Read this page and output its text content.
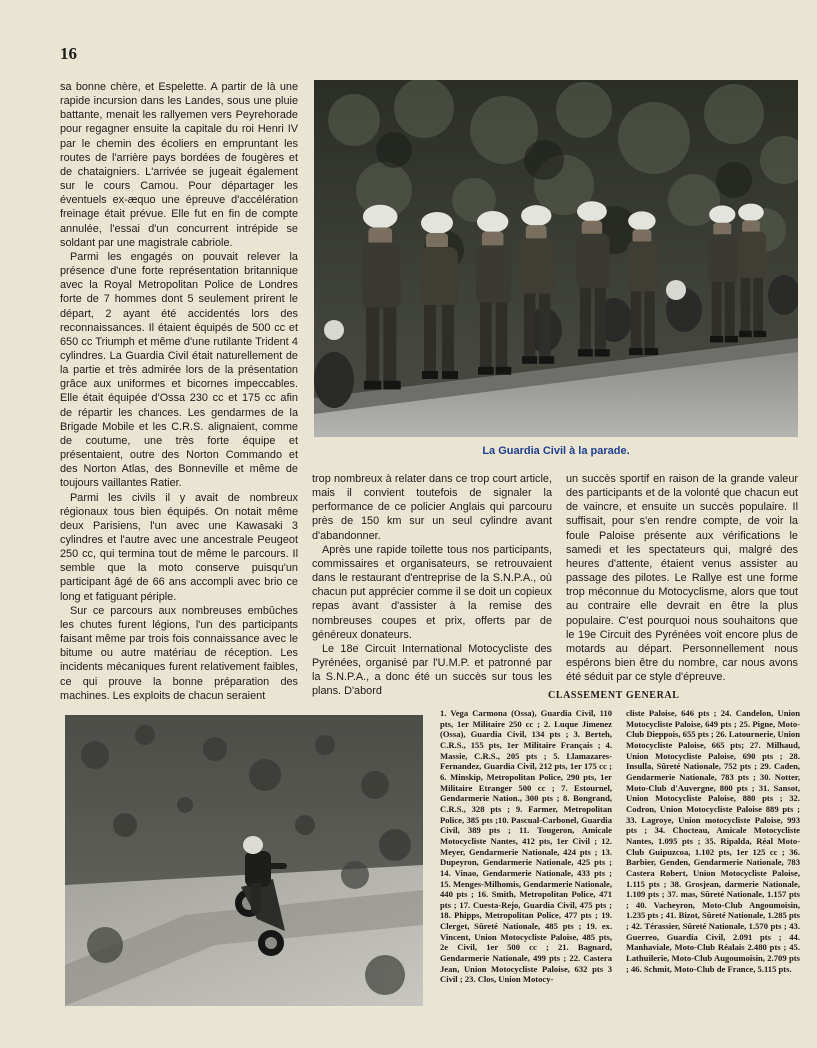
16

sa bonne chère, et Espelette. A partir de là une rapide incursion dans les Landes, sous une pluie battante, menait les rallyemen vers Peyrehorade pour regagner ensuite la capitale du roi Henri IV par le chemin des écoliers en empruntant les routes de l'arrière pays bordées de fougères et de chataigniers. L'arrivée se jugeait également sur le cours Camou. Pour départager les éventuels ex-æquo une épreuve d'accélération freinage était prévue. Elle fut en fin de compte annulée, l'essai d'un concurrent intrépide se soldant par une magistrale cabriole.

Parmi les engagés on pouvait relever la présence d'une forte représentation britannique avec la Royal Metropolitan Police de Londres forte de 7 hommes dont 5 seulement prirent le départ, 2 ayant été accidentés lors des reconnaissances. Il étaient équipés de 500 cc et 650 cc Triumph et même d'une rutilante Trident 4 cylindres. La Guardia Civil était naturellement de la partie et très admirée lors de la présentation grâce aux uniformes et bicornes impeccables. Elle était équipée d'Ossa 230 cc et 175 cc afin de répartir les chances. Les gendarmes de la Brigade Mobile et les C.R.S. alignaient, comme de coutume, une très forte équipe et présentaient, outre des Norton Commando et des Norton Atlas, des Bonneville et même de toujours vaillantes Ratier.

Parmi les civils il y avait de nombreux régionaux tous bien équipés. On notait même deux Parisiens, l'un avec une Kawasaki 3 cylindres et l'autre avec une ancestrale Peugeot 250 cc, qui termina tout de même le parcours. Il semble que la moto conserve puisqu'un participant âgé de 66 ans accompli avec brio ce long et fatiguant périple.

Sur ce parcours aux nombreuses embûches les chutes furent légions, l'un des participants faisant même par trois fois connaissance avec le bitume ou autre matériau de réception. Les incidents mécaniques furent relativement faibles, ce qui prouve la bonne préparation des machines. Les exploits de chacun seraient

La Guardia Civil à la parade.

trop nombreux à relater dans ce trop court article, mais il convient toutefois de signaler la performance de ce policier Anglais qui parcouru près de 150 km sur un seul cylindre avant d'abandonner.

Après une rapide toilette tous nos participants, commissaires et organisateurs, se retrouvaient dans le restaurant d'entreprise de la S.N.P.A., où chacun put apprécier comme il se doit un copieux repas avant d'assister à la remise des nombreuses coupes et prix, offerts par de généreux donateurs.

Le 18e Circuit International Motocycliste des Pyrénées, organisé par l'U.M.P. et patronné par la S.N.P.A., a donc été un succès sur tous les plans. D'abord

un succès sportif en raison de la grande valeur des participants et de la volonté que chacun eut de vaincre, et ensuite un succès populaire. Il suffisait, pour s'en rendre compte, de voir la foule Paloise présente aux vérifications le samedi et les spectateurs qui, malgré des heures d'attente, étaient venus assister au passage des pilotes. Le Rallye est une forme trop méconnue du Motocyclisme, alors que tout au contraire elle devrait en être la plus populaire. C'est pourquoi nous souhaitons que le 19e Circuit des Pyrénées voit encore plus de motards au départ. Personnellement nous espérons bien être du nombre, car nous avons été séduit par ce style d'épreuve.

CLASSEMENT GENERAL
1. Vega Carmona (Ossa), Guardia Civil, 110 pts, 1er Militaire 250 cc ; 2. Luque Jimenez (Ossa), Guardia Civil, 134 pts ; 3. Berteh, C.R.S., 155 pts, 1er Militaire Français ; 4. Massie, C.R.S., 205 pts ; 5. Llamazares-Fernandez, Guardia Civil, 212 pts, 1er 175 cc ; 6. Minskip, Metropolitan Police, 290 pts, 1er Militaire Etranger 500 cc ; 7. Estournel, Gendarmerie Nation., 300 pts ; 8. Bongrand, C.R.S., 328 pts ; 9. Farmer, Metropolitan Police, 385 pts ;10. Pascual-Carbonel, Guardia Civil, 389 pts ; 11. Tougeron, Amicale Motocycliste Nantes, 412 pts, 1er Civil ; 12. Meyer, Gendarmerie Nationale, 424 pts ; 13. Dupeyron, Gendarmerie Nationale, 425 pts ; 14. Vinao, Gendarmerie Nationale, 433 pts ; 15. Menges-Milhomis, Gendarmerie Nationale, 440 pts ; 16. Smith, Metropolitan Police, 471 pts ; 17. Cuesta-Rejo, Guardia Civil, 475 pts ; 18. Phipps, Metropolitan Police, 477 pts ; 19. Clerget, Sûreté Nationale, 485 pts ; 19. ex. Vincent, Union Motocycliste Paloise, 485 pts, 2e Civil, 1er 500 cc ; 21. Bagnard, Gendarmerie Nationale, 499 pts ; 22. Castera Jean, Union Motocycliste Paloise, 632 pts 3 Civil ; 23. Clos, Union Motocy-
cliste Paloise, 646 pts ; 24. Candelon, Union Motocycliste Paloise, 649 pts ; 25. Pigne, Moto-Club Dieppois, 655 pts ; 26. Latournerie, Union Motocycliste Paloise, 665 pts; 27. Milhaud, Union Motocycliste Paloise, 690 pts ; 28. Insulla, Sûreté Nationale, 752 pts ; 29. Caden, Gendarmerie Nationale, 783 pts ; 30. Notter, Moto-Club d'Auvergne, 800 pts ; 31. Sansot, Union Motocycliste Paloise, 880 pts ; 32. Codron, Union Motocycliste Paloise 889 pts ; 33. Lagroye, Union motocycliste Paloise, 993 pts ; 34. Chocteau, Amicale Motocycliste Nantes, 1.095 pts ; 35. Ripalda, Réal Moto-Club Guipuzcoa, 1.102 pts, 1er 125 cc ; 36. Barbier, Genden, Gendarmerie Nationale, 783 Castera Robert, Union Motocycliste Paloise, 1.115 pts ; 38. Grosjean, darmerie Nationale, 1.109 pts ; 37. mas, Sûreté Nationale, 1.157 pts ; 40. Vacheyron, Moto-Club Angoumoisin, 1.235 pts ; 41. Bizot, Sûreté Nationale, 1.285 pts ; 42. Térassier, Sûreté Nationale, 1.570 pts ; 43. Guerreo, Guardia Civil, 2.091 pts ; 44. Manhaviale, Moto-Club Réalais 2.480 pts ; 45. Lathuilerie, Moto-Club Augoumoisin, 2.709 pts ; 46. Schmit, Moto-Club de France, 5.115 pts.
